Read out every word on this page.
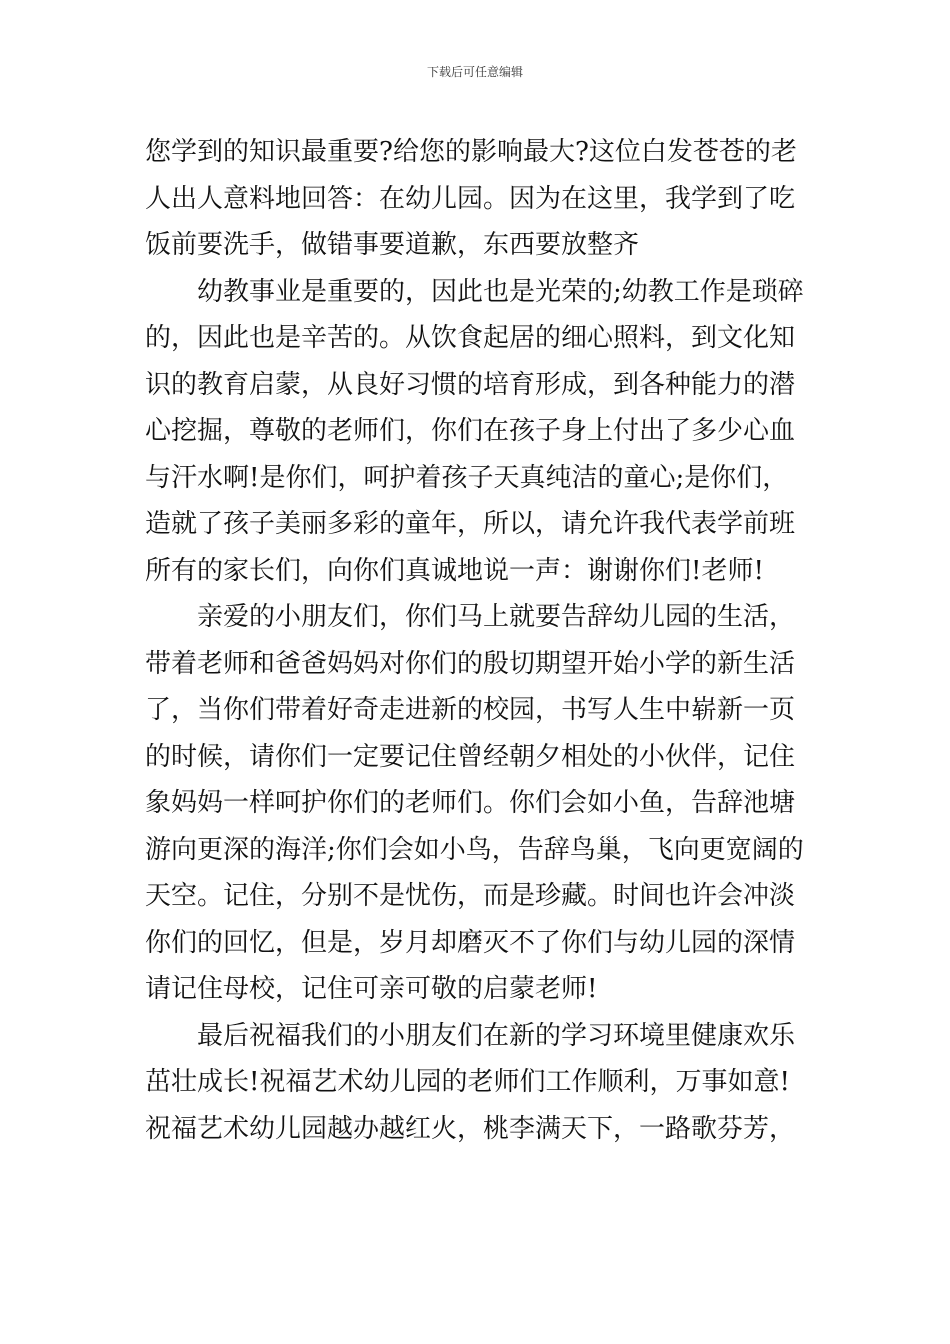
下载后可任意编辑
您学到的知识最重要?给您的影响最大?这位白发苍苍的老
人出人意料地回答：在幼儿园。因为在这里，我学到了吃
饭前要洗手，做错事要道歉，东西要放整齐
幼教事业是重要的，因此也是光荣的;幼教工作是琐碎
的，因此也是辛苦的。从饮食起居的细心照料，到文化知
识的教育启蒙，从良好习惯的培育形成，到各种能力的潜
心挖掘，尊敬的老师们，你们在孩子身上付出了多少心血
与汗水啊!是你们，呵护着孩子天真纯洁的童心;是你们，
造就了孩子美丽多彩的童年，所以，请允许我代表学前班
所有的家长们，向你们真诚地说一声：谢谢你们!老师!
亲爱的小朋友们，你们马上就要告辞幼儿园的生活，
带着老师和爸爸妈妈对你们的殷切期望开始小学的新生活
了，当你们带着好奇走进新的校园，书写人生中崭新一页
的时候，请你们一定要记住曾经朝夕相处的小伙伴，记住
象妈妈一样呵护你们的老师们。你们会如小鱼，告辞池塘
游向更深的海洋;你们会如小鸟，告辞鸟巢，飞向更宽阔的
天空。记住，分别不是忧伤，而是珍藏。时间也许会冲淡
你们的回忆，但是，岁月却磨灭不了你们与幼儿园的深情
请记住母校，记住可亲可敬的启蒙老师!
最后祝福我们的小朋友们在新的学习环境里健康欢乐
茁壮成长!祝福艺术幼儿园的老师们工作顺利，万事如意!
祝福艺术幼儿园越办越红火，桃李满天下，一路歌芬芳，
